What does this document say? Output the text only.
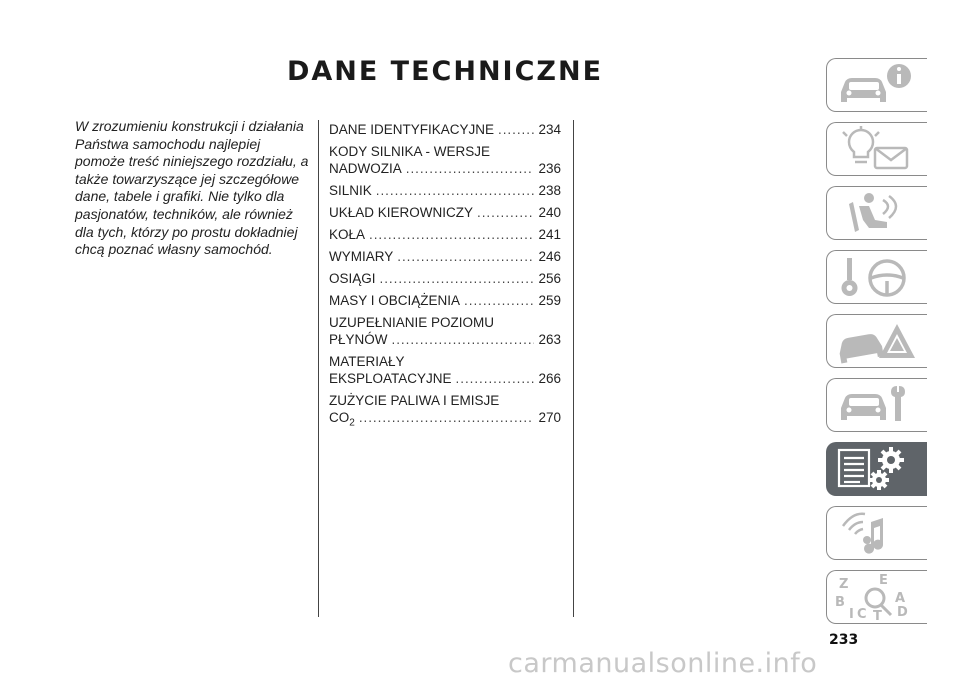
DANE TECHNICZNE
W zrozumieniu konstrukcji i działania Państwa samochodu najlepiej pomoże treść niniejszego rozdziału, a także towarzyszące jej szczegółowe dane, tabele i grafiki. Nie tylko dla pasjonatów, techników, ale również dla tych, którzy po prostu dokładniej chcą poznać własny samochód.
DANE IDENTYFIKACYJNE . . .	234
KODY SILNIKA - WERSJE
NADWOZIA . . .	236
SILNIK . . .	238
UKŁAD KIEROWNICZY . . .	240
KOŁA . . .	241
WYMIARY . . .	246
OSIĄGI . . .	256
MASY I OBCIĄŻENIA . . .	259
UZUPEŁNIANIE POZIOMU
PŁYNÓW . . .	263
MATERIAŁY
EKSPLOATACYJNE . . .	266
ZUŻYCIE PALIWA I EMISJE
$CO_2$ . . .	270
Z E
B	A
I C T D
233
carmanualsonline.info
